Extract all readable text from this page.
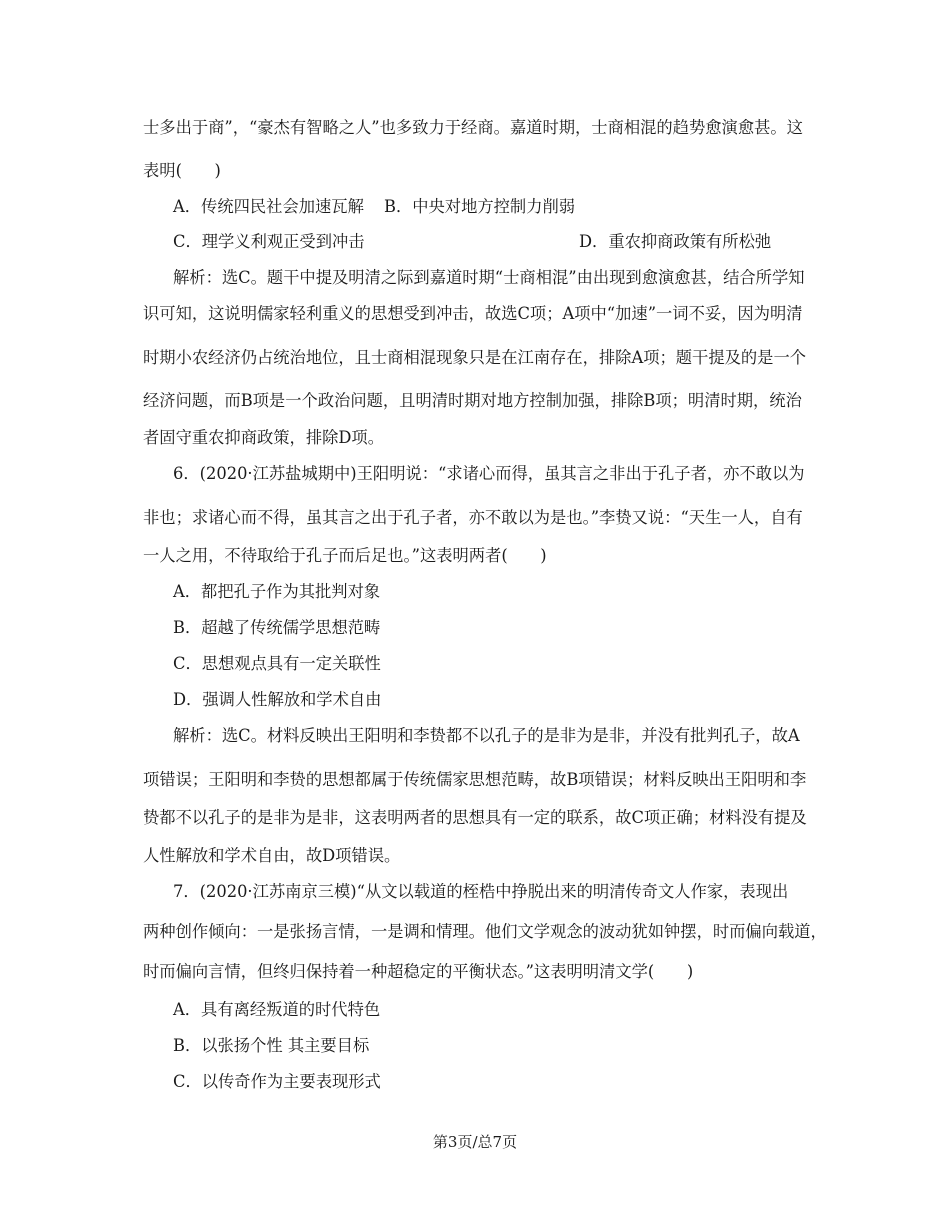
士多出于商”，“豪杰有智略之人”也多致力于经商。嘉道时期，士商相混的趋势愈演愈甚。这
表明(　　)
A．传统四民社会加速瓦解 B．中央对地方控制力削弱
C．理学义利观正受到冲击	D．重农抑商政策有所松弛
解析：选C。题干中提及明清之际到嘉道时期“士商相混”由出现到愈演愈甚，结合所学知
识可知，这说明儒家轻利重义的思想受到冲击，故选C项；A项中“加速”一词不妥，因为明清
时期小农经济仍占统治地位，且士商相混现象只是在江南存在，排除A项；题干提及的是一个
经济问题，而B项是一个政治问题，且明清时期对地方控制加强，排除B项；明清时期，统治
者固守重农抑商政策，排除D项。
6．(2020·江苏盐城期中)王阳明说：“求诸心而得，虽其言之非出于孔子者，亦不敢以为
非也；求诸心而不得，虽其言之出于孔子者，亦不敢以为是也。”李贽又说：“天生一人，自有
一人之用，不待取给于孔子而后足也。”这表明两者(　　)
A．都把孔子作为其批判对象
B．超越了传统儒学思想范畴
C．思想观点具有一定关联性
D．强调人性解放和学术自由
解析：选C。材料反映出王阳明和李贽都不以孔子的是非为是非，并没有批判孔子，故A
项错误；王阳明和李贽的思想都属于传统儒家思想范畴，故B项错误；材料反映出王阳明和李
贽都不以孔子的是非为是非，这表明两者的思想具有一定的联系，故C项正确；材料没有提及
人性解放和学术自由，故D项错误。
7．(2020·江苏南京三模)“从文以载道的桎梏中挣脱出来的明清传奇文人作家，表现出
两种创作倾向：一是张扬言情，一是调和情理。他们文学观念的波动犹如钟摆，时而偏向载道，
时而偏向言情，但终归保持着一种超稳定的平衡状态。”这表明明清文学(　　)
A．具有离经叛道的时代特色
B．以张扬个性 其主要目标
C．以传奇作为主要表现形式
第3页/总7页
